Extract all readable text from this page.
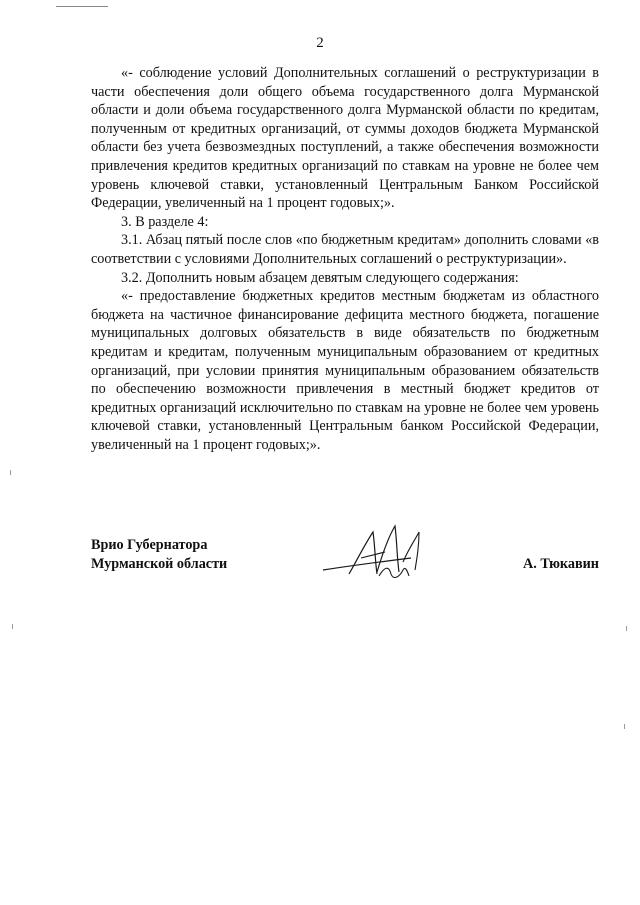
2

«- соблюдение условий Дополнительных соглашений о реструктуризации в части обеспечения доли общего объема государственного долга Мурманской области и доли объема государственного долга Мурманской области по кредитам, полученным от кредитных организаций, от суммы доходов бюджета Мурманской области без учета безвозмездных поступлений, а также обеспечения возможности привлечения кредитов кредитных организаций по ставкам на уровне не более чем уровень ключевой ставки, установленный Центральным Банком Российской Федерации, увеличенный на 1 процент годовых;».

3. В разделе 4:

3.1. Абзац пятый после слов «по бюджетным кредитам» дополнить словами «в соответствии с условиями Дополнительных соглашений о реструктуризации».

3.2. Дополнить новым абзацем девятым следующего содержания:

«- предоставление бюджетных кредитов местным бюджетам из областного бюджета на частичное финансирование дефицита местного бюджета, погашение муниципальных долговых обязательств в виде обязательств по бюджетным кредитам и кредитам, полученным муниципальным образованием от кредитных организаций, при условии принятия муниципальным образованием обязательств по обеспечению возможности привлечения в местный бюджет кредитов от кредитных организаций исключительно по ставкам на уровне не более чем уровень ключевой ставки, установленный Центральным банком Российской Федерации, увеличенный на 1 процент годовых;».

Врио Губернатора
Мурманской области	А. Тюкавин
